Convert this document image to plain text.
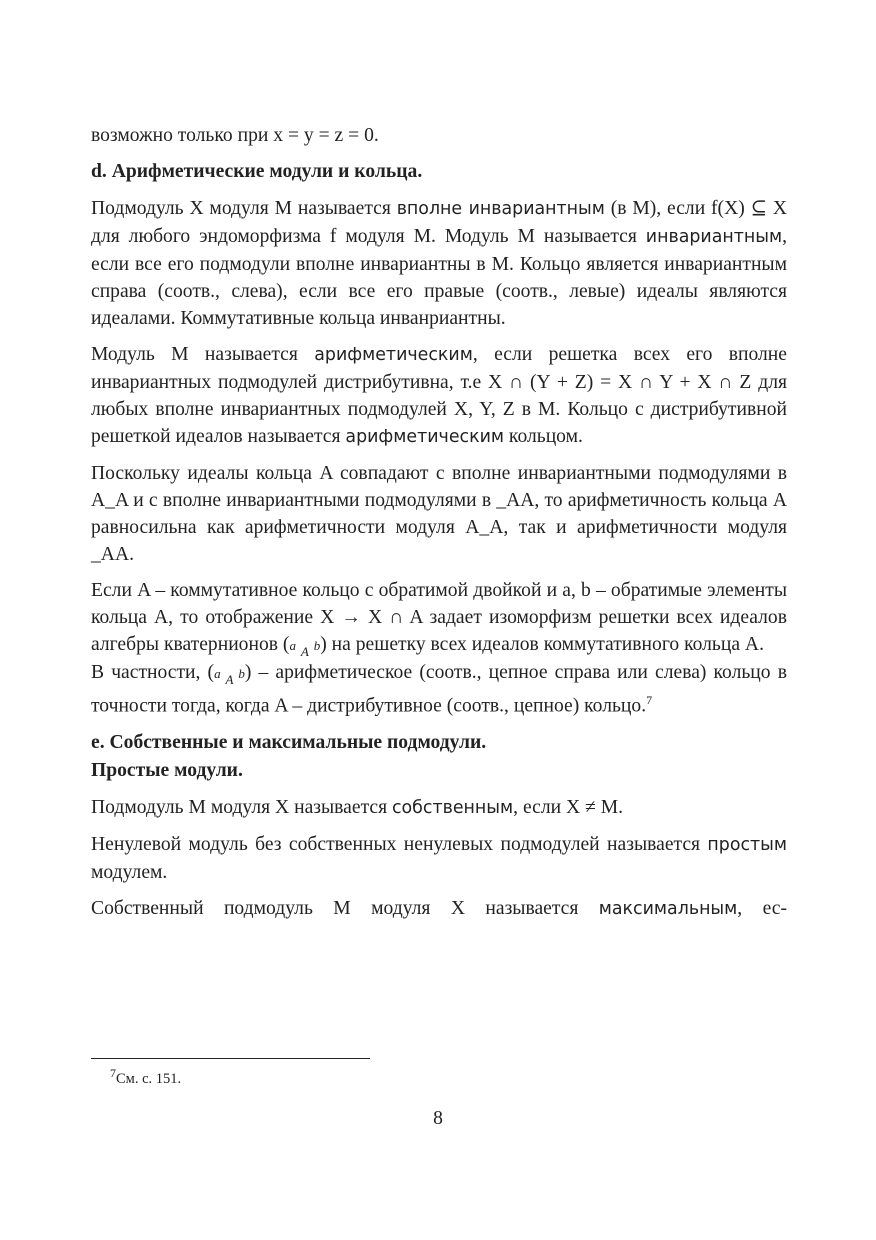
возможно только при x = y = z = 0.

d. Арифметические модули и кольца.

Подмодуль X модуля M называется вполне инвариантным (в M), если f(X) ⊆ X для любого эндоморфизма f модуля M. Модуль M называется инвариантным, если все его подмодули вполне инвариантны в M. Кольцо является инвариантным справа (соотв., слева), если все его правые (соотв., левые) идеалы являются идеалами. Коммутативные кольца инванриантны.

Модуль M называется арифметическим, если решетка всех его вполне инвариантных подмодулей дистрибутивна, т.е X ∩ (Y + Z) = X ∩ Y + X ∩ Z для любых вполне инвариантных подмодулей X, Y, Z в M. Кольцо с дистрибутивной решеткой идеалов называется арифметическим кольцом.

Поскольку идеалы кольца A совпадают с вполне инвариантными подмодулями в A_A и с вполне инвариантными подмодулями в _AA, то арифметичность кольца A равносильна как арифметичности модуля A_A, так и арифметичности модуля _AA.

Если A – коммутативное кольцо с обратимой двойкой и a, b – обратимые элементы кольца A, то отображение X → X ∩ A задает изоморфизм решетки всех идеалов алгебры кватернионов (a $_A$ b) на решетку всех идеалов коммутативного кольца A.
В частности, (a $_A$ b) – арифметическое (соотв., цепное справа или слева) кольцо в точности тогда, когда A – дистрибутивное (соотв., цепное) кольцо.$^7$

e. Собственные и максимальные подмодули.
Простые модули.

Подмодуль M модуля X называется собственным, если X ≠ M.

Ненулевой модуль без собственных ненулевых подмодулей называется простым модулем.

Собственный подмодуль M модуля X называется максимальным, ес-

$^7$См. с. 151.
8
